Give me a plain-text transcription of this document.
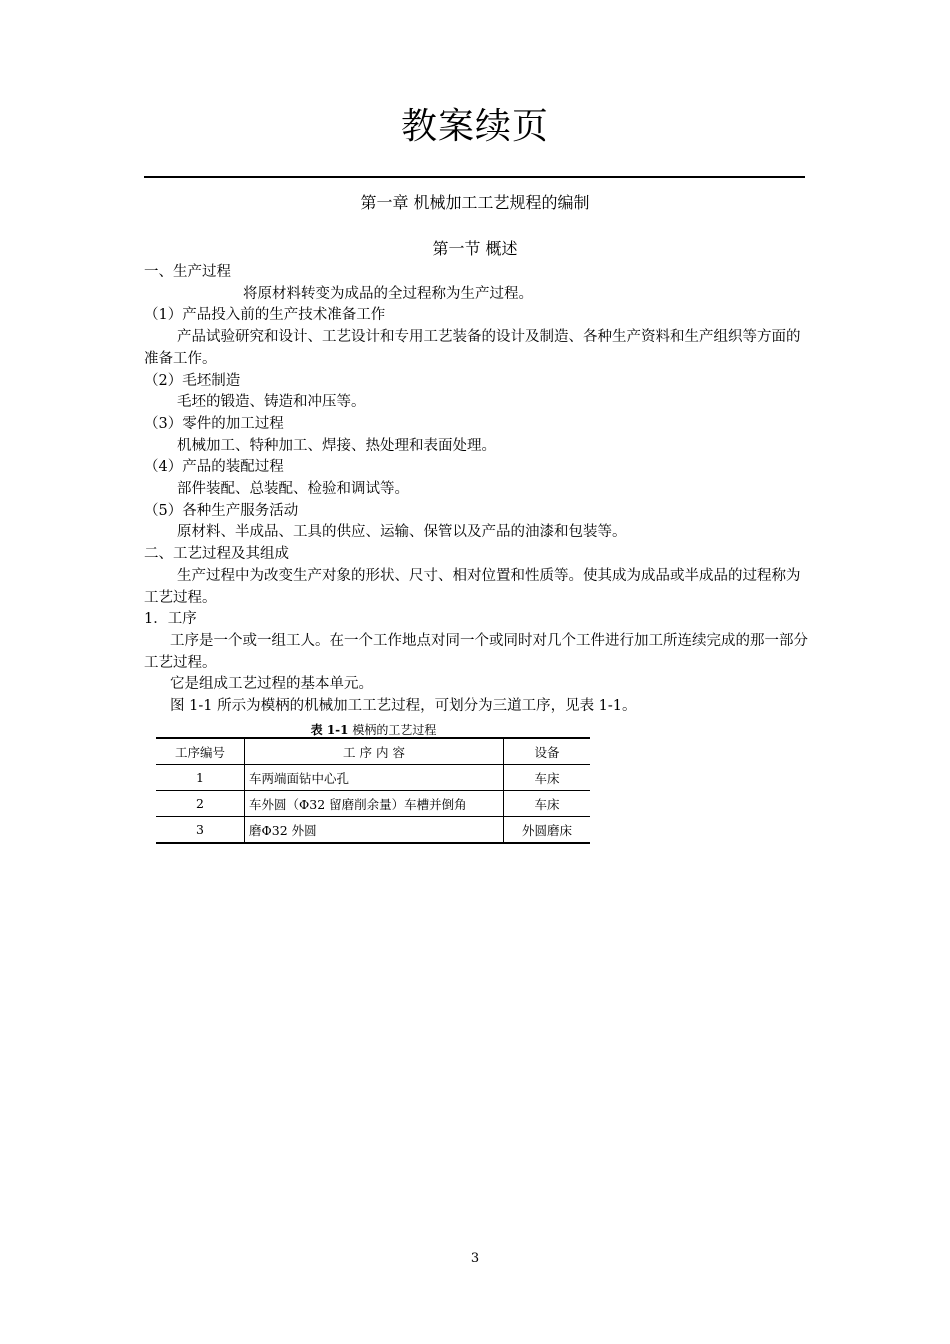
教案续页
第一章 机械加工工艺规程的编制
第一节 概述

一、生产过程

将原材料转变为成品的全过程称为生产过程。

（1）产品投入前的生产技术准备工作

产品试验研究和设计、工艺设计和专用工艺装备的设计及制造、各种生产资料和生产组织等方面的准备工作。

（2）毛坯制造

毛坯的锻造、铸造和冲压等。

（3）零件的加工过程

机械加工、特种加工、焊接、热处理和表面处理。

（4）产品的装配过程

部件装配、总装配、检验和调试等。

（5）各种生产服务活动

原材料、半成品、工具的供应、运输、保管以及产品的油漆和包装等。

二、工艺过程及其组成

生产过程中为改变生产对象的形状、尺寸、相对位置和性质等。使其成为成品或半成品的过程称为工艺过程。

1．工序

工序是一个或一组工人。在一个工作地点对同一个或同时对几个工件进行加工所连续完成的那一部分工艺过程。

它是组成工艺过程的基本单元。

图 1-1 所示为模柄的机械加工工艺过程，可划分为三道工序，见表 1-1。

表 1-1 模柄的工艺过程
工序编号	工 序 内 容	设备
1	车两端面钻中心孔	车床
2	车外圆（Φ32 留磨削余量）车槽并倒角	车床
3	磨Φ32 外圆	外圆磨床
3
